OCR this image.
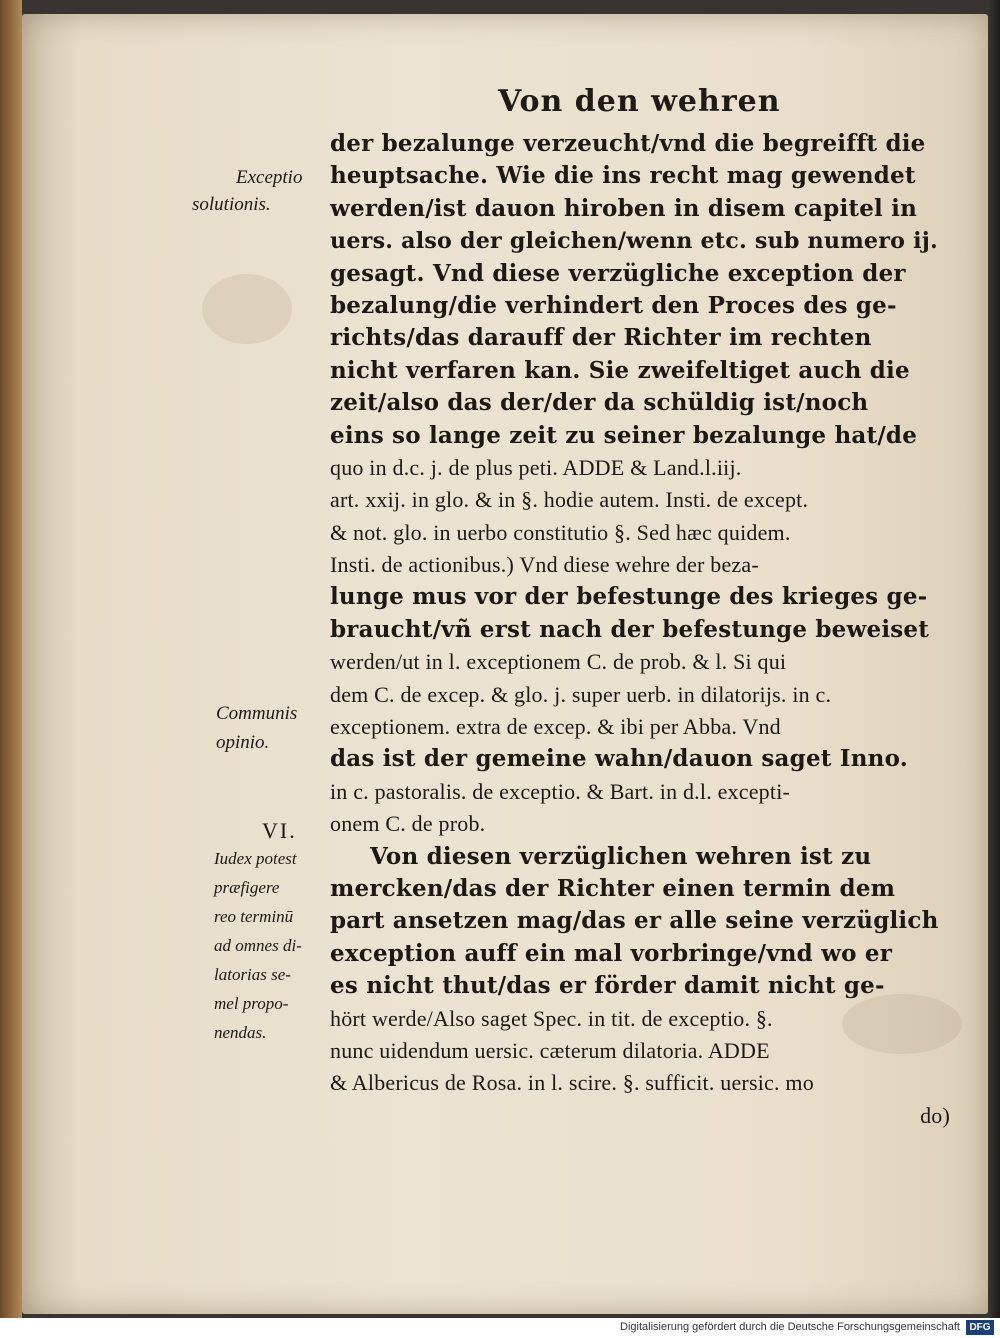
Von den wehren
der bezalunge verzeucht/vnd die begreifft die
heuptsache. Wie die ins recht mag gewendet
werden/ist dauon hiroben in disem capitel in
uers. also der gleichen/wenn etc. sub numero ij.
gesagt. Vnd diese verzügliche exception der
bezalung/die verhindert den Proces des ge-
richts/das darauff der Richter im rechten
nicht verfaren kan. Sie zweifeltiget auch die
zeit/also das der/der da schüldig ist/noch
eins so lange zeit zu seiner bezalunge hat/de
quo in d.c. j. de plus peti. ADDE & Land.l.iij.
art. xxij. in glo. & in §. hodie autem. Insti. de except.
& not. glo. in uerbo constitutio §. Sed hæc quidem.
Insti. de actionibus.) Vnd diese wehre der beza-
lunge mus vor der befestunge des krieges ge-
braucht/vñ erst nach der befestunge beweiset
werden/ut in l. exceptionem C. de prob. & l. Si qui
dem C. de excep. & glo. j. super uerb. in dilatorijs. in c.
exceptionem. extra de excep. & ibi per Abba. Vnd
das ist der gemeine wahn/dauon saget Inno.
in c. pastoralis. de exceptio. & Bart. in d.l. excepti-
onem C. de prob.
Von diesen verzüglichen wehren ist zu
mercken/das der Richter einen termin dem
part ansetzen mag/das er alle seine verzüglich
exception auff ein mal vorbringe/vnd wo er
es nicht thut/das er förder damit nicht ge-
hört werde/Also saget Spec. in tit. de exceptio. §.
nunc uidendum uersic. cæterum dilatoria. ADDE
& Albericus de Rosa. in l. scire. §. sufficit. uersic. mo
do)
Exceptio
solutionis.
Communis
opinio.
VI.
Iudex potest
præfigere
reo terminū
ad omnes di-
latorias se-
mel propo-
nendas.
Digitalisierung gefördert durch die Deutsche Forschungsgemeinschaft DFG
